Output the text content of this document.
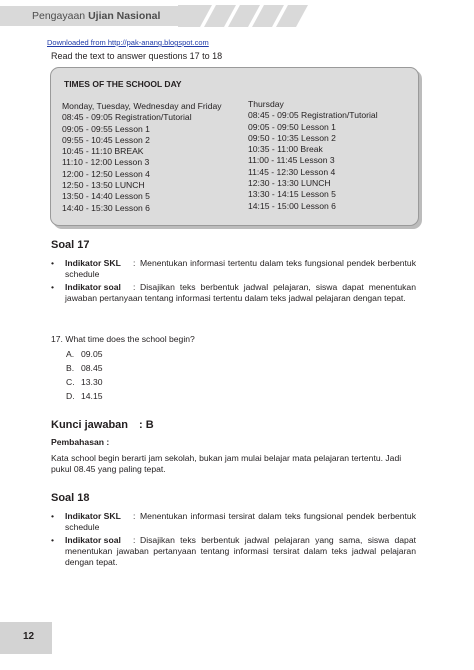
Pengayaan Ujian Nasional
Downloaded from http://pak-anang.blogspot.com
Read the text to answer questions 17 to 18
TIMES OF THE SCHOOL DAY
Monday, Tuesday, Wednesday and Friday
08:45 - 09:05 Registration/Tutorial
09:05 - 09:55 Lesson 1
09:55 - 10:45 Lesson 2
10:45 - 11:10 BREAK
11:10 - 12:00 Lesson 3
12:00 - 12:50 Lesson 4
12:50 - 13:50 LUNCH
13:50 - 14:40 Lesson 5
14:40 - 15:30 Lesson 6
Thursday
08:45 - 09:05 Registration/Tutorial
09:05 - 09:50 Lesson 1
09:50 - 10:35 Lesson 2
10:35 - 11:00 Break
11:00 - 11:45 Lesson 3
11:45 - 12:30 Lesson 4
12:30 - 13:30 LUNCH
13:30 - 14:15 Lesson 5
14:15 - 15:00 Lesson 6
Soal 17
• Indikator SKL : Menentukan informasi tertentu dalam teks fungsional pendek berbentuk schedule
• Indikator soal : Disajikan teks berbentuk jadwal pelajaran, siswa dapat menentukan jawaban pertanyaan tentang informasi tertentu dalam teks jadwal pelajaran dengan tepat.
17. What time does the school begin?
A. 09.05
B. 08.45
C. 13.30
D. 14.15
Kunci jawaban : B
Pembahasan :
Kata school begin berarti jam sekolah, bukan jam mulai belajar mata pelajaran tertentu. Jadi pukul 08.45 yang paling tepat.
Soal 18
• Indikator SKL : Menentukan informasi tersirat dalam teks fungsional pendek berbentuk schedule
• Indikator soal : Disajikan teks berbentuk jadwal pelajaran yang sama, siswa dapat menentukan jawaban pertanyaan tentang informasi tersirat dalam teks jadwal pelajaran dengan tepat.
12
